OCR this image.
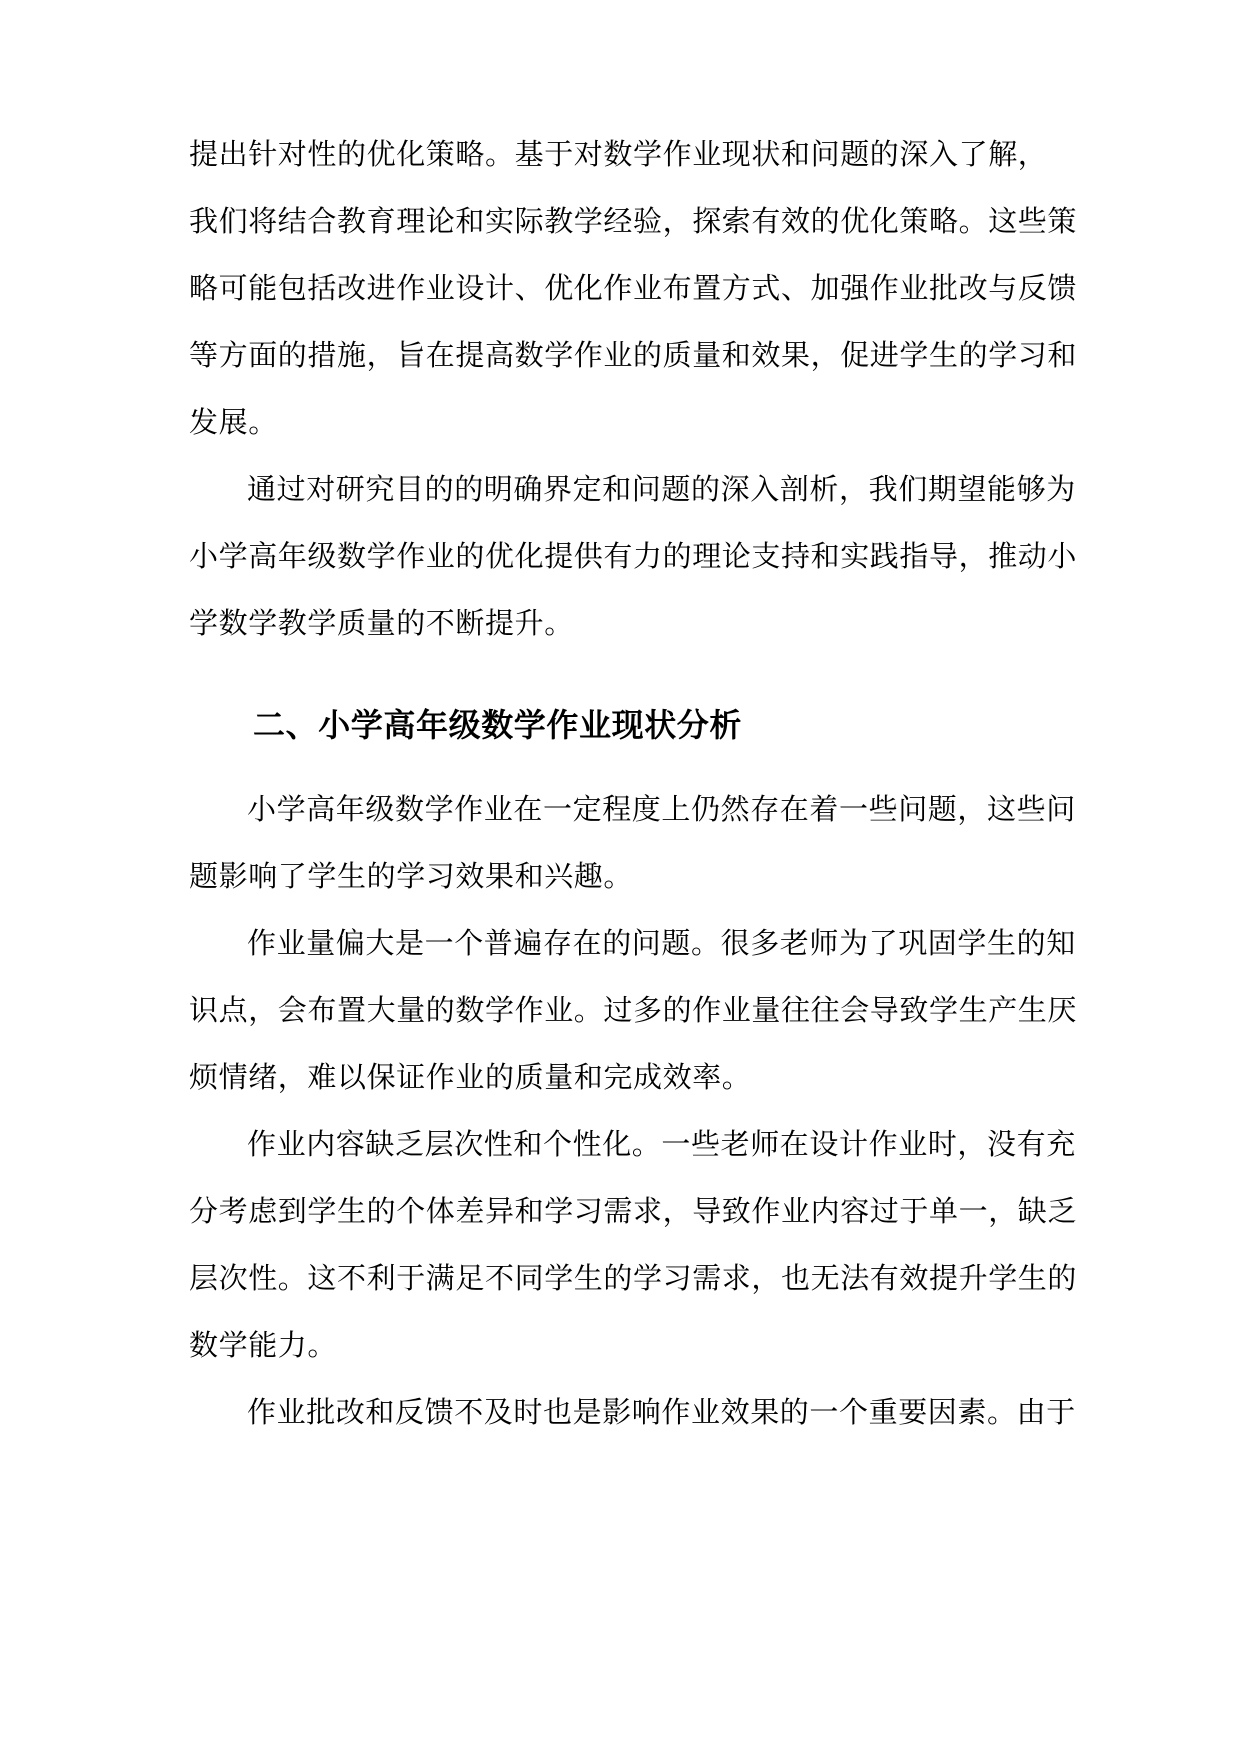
提出针对性的优化策略。基于对数学作业现状和问题的深入了解，
我们将结合教育理论和实际教学经验，探索有效的优化策略。这些策
略可能包括改进作业设计、优化作业布置方式、加强作业批改与反馈
等方面的措施，旨在提高数学作业的质量和效果，促进学生的学习和
发展。
通过对研究目的的明确界定和问题的深入剖析，我们期望能够为
小学高年级数学作业的优化提供有力的理论支持和实践指导，推动小
学数学教学质量的不断提升。
二、小学高年级数学作业现状分析
小学高年级数学作业在一定程度上仍然存在着一些问题，这些问
题影响了学生的学习效果和兴趣。
作业量偏大是一个普遍存在的问题。很多老师为了巩固学生的知
识点，会布置大量的数学作业。过多的作业量往往会导致学生产生厌
烦情绪，难以保证作业的质量和完成效率。
作业内容缺乏层次性和个性化。一些老师在设计作业时，没有充
分考虑到学生的个体差异和学习需求，导致作业内容过于单一，缺乏
层次性。这不利于满足不同学生的学习需求，也无法有效提升学生的
数学能力。
作业批改和反馈不及时也是影响作业效果的一个重要因素。由于
